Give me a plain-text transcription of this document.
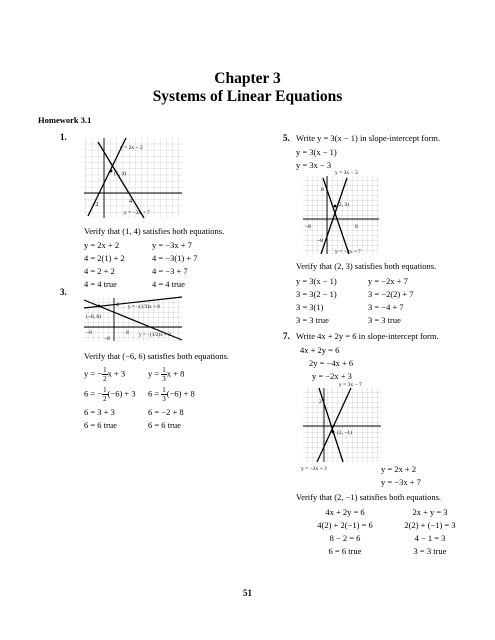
Chapter 3
Systems of Linear Equations
Homework 3.1
1.
y = 2x + 2
(1, 4)
y = −3x + 7
4
−2
Verify that (1, 4) satisfies both equations.
y = 2x + 2
4 = 2(1) + 2
4 = 2 + 2
4 = 4 true
y = −3x + 7
4 = −3(1) + 7
4 = −3 + 7
4 = 4 true
3.
(−6, 6)
y = −(1/3)x + 8
y = −(1/2)x + 3
4
8
−8
−8
Verify that (−6, 6) satisfies both equations.
y = − $\frac{1}{2}$ x + 3
6 = − $\frac{1}{2} (-6) + 3$
6 = 3 + 3
6 = 6 true
$y = \frac{1}{3}$ x + 8
$6 = \frac{1}{3} (-6) + 8$
6 = −2 + 8
6 = 6 true
5. Write y = 3(x − 1) in slope-intercept form.
y = 3(x − 1)
y = 3x − 3
(2, 3)
y = 3x − 3
y = −2x + 7
8
8
−8
−8
Verify that (2, 3) satisfies both equations.
y = 3(x − 1)
3 = 3(2 − 1)
3 = 3(1)
3 = 3 true
y = −2x + 7
3 = −2(2) + 7
3 = −4 + 7
3 = 3 true
7. Write 4x + 2y = 6 in slope-intercept form.
4x + 2y = 6
2y = −4x + 6
y = −2x + 3
(2, −1)
y = 3x − 7
y = −2x + 3
2
y = 2x + 2
y = −3x + 7
Verify that (2, −1) satisfies both equations.
4x + 2y = 6
4(2) + 2(−1) = 6
8 − 2 = 6
6 = 6 true
2x + y = 3
2(2) + (−1) = 3
4 − 1 = 3
3 = 3 true
51
